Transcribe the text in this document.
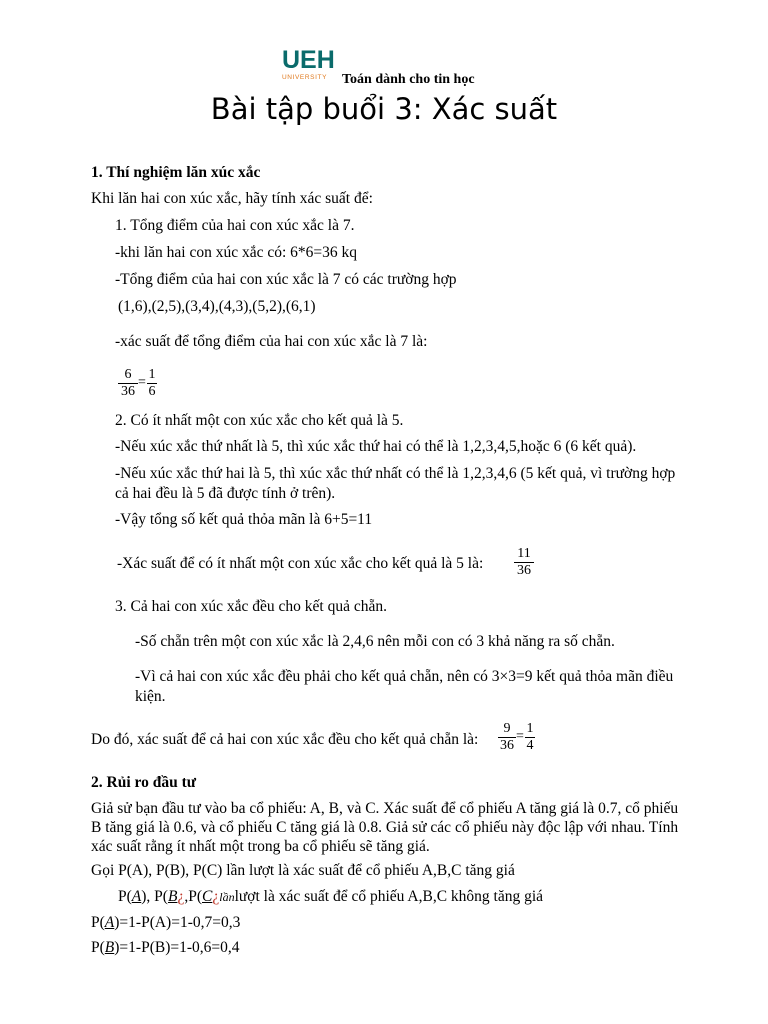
UEH
UNIVERSITY	Toán dành cho tin học
Bài tập buổi 3: Xác suất
1. Thí nghiệm lăn xúc xắc
Khi lăn hai con xúc xắc, hãy tính xác suất để:
1. Tổng điểm của hai con xúc xắc là 7.
-khi lăn hai con xúc xắc có: 6*6=36 kq
-Tổng điểm của hai con xúc xắc là 7 có các trường hợp
(1,6),(2,5),(3,4),(4,3),(5,2),(6,1)
-xác suất để tổng điểm của hai con xúc xắc là 7 là:
$\frac{6}{36} = \frac{1}{6}$
2. Có ít nhất một con xúc xắc cho kết quả là 5.
-Nếu xúc xắc thứ nhất là 5, thì xúc xắc thứ hai có thể là 1,2,3,4,5,hoặc 6 (6 kết quả).
-Nếu xúc xắc thứ hai là 5, thì xúc xắc thứ nhất có thể là 1,2,3,4,6 (5 kết quả, vì trường hợp cả hai đều là 5 đã được tính ở trên).
-Vậy tổng số kết quả thỏa mãn là 6+5=11
-Xác suất để có ít nhất một con xúc xắc cho kết quả là 5 là: $\frac{11}{36}$
3. Cả hai con xúc xắc đều cho kết quả chẵn.
-Số chẵn trên một con xúc xắc là 2,4,6 nên mỗi con có 3 khả năng ra số chẵn.
-Vì cả hai con xúc xắc đều phải cho kết quả chẵn, nên có 3×3=9 kết quả thỏa mãn điều kiện.
Do đó, xác suất để cả hai con xúc xắc đều cho kết quả chẵn là: $\frac{9}{36} = \frac{1}{4}$
2. Rủi ro đầu tư
Giả sử bạn đầu tư vào ba cổ phiếu: A, B, và C. Xác suất để cổ phiếu A tăng giá là 0.7, cổ phiếu B tăng giá là 0.6, và cổ phiếu C tăng giá là 0.8. Giả sử các cổ phiếu này độc lập với nhau. Tính xác suất rằng ít nhất một trong ba cổ phiếu sẽ tăng giá.
Gọi P(A), P(B), P(C) lần lượt là xác suất để cổ phiếu A,B,C tăng giá
P(A), P(B¿,P(C¿lầnlượt là xác suất để cổ phiếu A,B,C không tăng giá
P(A)=1-P(A)=1-0,7=0,3
P(B)=1-P(B)=1-0,6=0,4
